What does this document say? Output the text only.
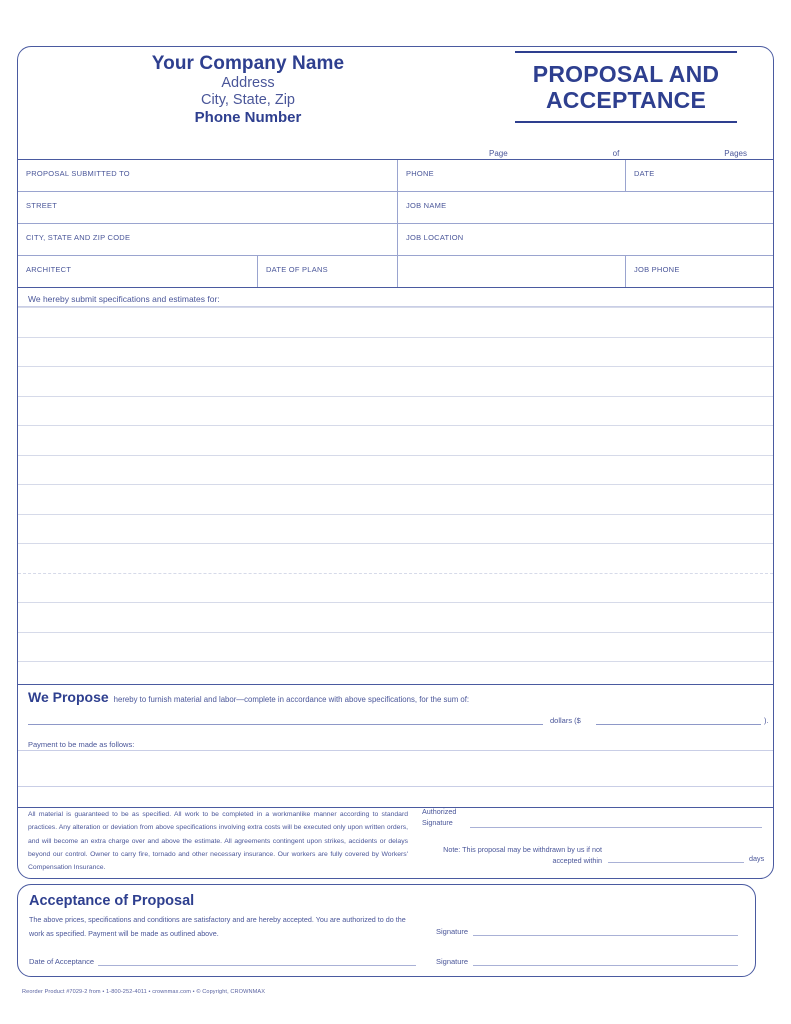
Your Company Name
Address
City, State, Zip
Phone Number
PROPOSAL AND
ACCEPTANCE
Page	of	Pages
PROPOSAL SUBMITTED TO	PHONE	DATE
STREET	JOB NAME
CITY, STATE AND ZIP CODE	JOB LOCATION
ARCHITECT	DATE OF PLANS	JOB PHONE
We hereby submit specifications and estimates for:
We Propose hereby to furnish material and labor—complete in accordance with above specifications, for the sum of:
dollars ($	).
Payment to be made as follows:
All material is guaranteed to be as specified. All work to be completed in a workmanlike manner according to standard practices. Any alteration or deviation from above specifications involving extra costs will be executed only upon written orders, and will become an extra charge over and above the estimate. All agreements contingent upon strikes, accidents or delays beyond our control. Owner to carry fire, tornado and other necessary insurance. Our workers are fully covered by Workers' Compensation Insurance.
Authorized
Signature
Note: This proposal may be withdrawn by us if not accepted within	days
Acceptance of Proposal
The above prices, specifications and conditions are satisfactory and are hereby accepted. You are authorized to do the work as specified. Payment will be made as outlined above.
Date of Acceptance
Signature
Signature
Reorder Product #7029-2 from • 1-800-252-4011 • crownmax.com • © Copyright, CROWNMAX
